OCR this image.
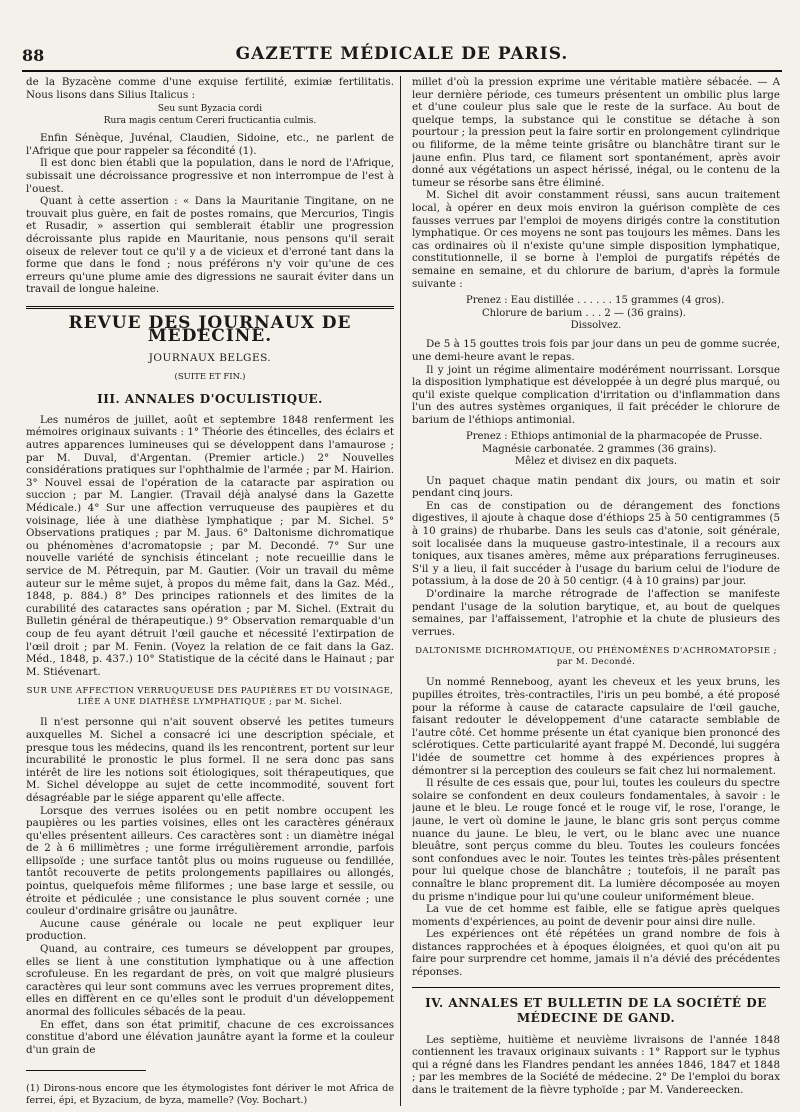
88	GAZETTE MÉDICALE DE PARIS.

de la Byzacène comme d'une exquise fertilité, eximiæ fertilitatis. Nous lisons dans Silius Italicus :

Seu sunt Byzacia cordi
Rura magis centum Cereri fructicantia culmis.

Enfin Sénèque, Juvénal, Claudien, Sidoine, etc., ne parlent de l'Afrique que pour rappeler sa fécondité (1).

Il est donc bien établi que la population, dans le nord de l'Afrique, subissait une décroissance progressive et non interrompue de l'est à l'ouest.

Quant à cette assertion : « Dans la Mauritanie Tingitane, on ne trouvait plus guère, en fait de postes romains, que Mercurios, Tingis et Rusadir, » assertion qui semblerait établir une progression décroissante plus rapide en Mauritanie, nous pensons qu'il serait oiseux de relever tout ce qu'il y a de vicieux et d'erroné tant dans la forme que dans le fond ; nous préférons n'y voir qu'une de ces erreurs qu'une plume amie des digressions ne saurait éviter dans un travail de longue haleine.

REVUE DES JOURNAUX DE MÉDECINE.
JOURNAUX BELGES.
(SUITE ET FIN.)
III. ANNALES D'OCULISTIQUE.

Les numéros de juillet, août et septembre 1848 renferment les mémoires originaux suivants : 1° Théorie des étincelles, des éclairs et autres apparences lumineuses qui se développent dans l'amaurose ; par M. Duval, d'Argentan. (Premier article.) 2° Nouvelles considérations pratiques sur l'ophthalmie de l'armée ; par M. Hairion. 3° Nouvel essai de l'opération de la cataracte par aspiration ou succion ; par M. Langier. (Travail déjà analysé dans la Gazette Médicale.) 4° Sur une affection verruqueuse des paupières et du voisinage, liée à une diathèse lymphatique ; par M. Sichel. 5° Observations pratiques ; par M. Jaus. 6° Daltonisme dichromatique ou phénomènes d'acromatopsie ; par M. Decondé. 7° Sur une nouvelle variété de synchisis étincelant ; note recueillie dans le service de M. Pétrequin, par M. Gautier. (Voir un travail du même auteur sur le même sujet, à propos du même fait, dans la Gaz. Méd., 1848, p. 884.) 8° Des principes rationnels et des limites de la curabilité des cataractes sans opération ; par M. Sichel. (Extrait du Bulletin général de thérapeutique.) 9° Observation remarquable d'un coup de feu ayant détruit l'œil gauche et nécessité l'extirpation de l'œil droit ; par M. Fenin. (Voyez la relation de ce fait dans la Gaz. Méd., 1848, p. 437.) 10° Statistique de la cécité dans le Hainaut ; par M. Stiévenart.

SUR UNE AFFECTION VERRUQUEUSE DES PAUPIÈRES ET DU VOISINAGE, LIÉE A UNE DIATHÈSE LYMPHATIQUE ; par M. Sichel.

Il n'est personne qui n'ait souvent observé les petites tumeurs auxquelles M. Sichel a consacré ici une description spéciale, et presque tous les médecins, quand ils les rencontrent, portent sur leur incurabilité le pronostic le plus formel. Il ne sera donc pas sans intérêt de lire les notions soit étiologiques, soit thérapeutiques, que M. Sichel développe au sujet de cette incommodité, souvent fort désagréable par le siége apparent qu'elle affecte.

Lorsque des verrues isolées ou en petit nombre occupent les paupières ou les parties voisines, elles ont les caractères généraux qu'elles présentent ailleurs. Ces caractères sont : un diamètre inégal de 2 à 6 millimètres ; une forme irrégulièrement arrondie, parfois ellipsoïde ; une surface tantôt plus ou moins rugueuse ou fendillée, tantôt recouverte de petits prolongements papillaires ou allongés, pointus, quelquefois même filiformes ; une base large et sessile, ou étroite et pédiculée ; une consistance le plus souvent cornée ; une couleur d'ordinaire grisâtre ou jaunâtre.

Aucune cause générale ou locale ne peut expliquer leur production.

Quand, au contraire, ces tumeurs se développent par groupes, elles se lient à une constitution lymphatique ou à une affection scrofuleuse. En les regardant de près, on voit que malgré plusieurs caractères qui leur sont communs avec les verrues proprement dites, elles en diffèrent en ce qu'elles sont le produit d'un développement anormal des follicules sébacés de la peau.

En effet, dans son état primitif, chacune de ces excroissances constitue d'abord une élévation jaunâtre ayant la forme et la couleur d'un grain de

(1) Dirons-nous encore que les étymologistes font dériver le mot Africa de ferrei, épi, et Byzacium, de byza, mamelle? (Voy. Bochart.)

millet d'où la pression exprime une véritable matière sébacée. — A leur dernière période, ces tumeurs présentent un ombilic plus large et d'une couleur plus sale que le reste de la surface. Au bout de quelque temps, la substance qui le constitue se détache à son pourtour ; la pression peut la faire sortir en prolongement cylindrique ou filiforme, de la même teinte grisâtre ou blanchâtre tirant sur le jaune enfin. Plus tard, ce filament sort spontanément, après avoir donné aux végétations un aspect hérissé, inégal, ou le contenu de la tumeur se résorbe sans être éliminé.

M. Sichel dit avoir constamment réussi, sans aucun traitement local, à opérer en deux mois environ la guérison complète de ces fausses verrues par l'emploi de moyens dirigés contre la constitution lymphatique. Or ces moyens ne sont pas toujours les mêmes. Dans les cas ordinaires où il n'existe qu'une simple disposition lymphatique, constitutionnelle, il se borne à l'emploi de purgatifs répétés de semaine en semaine, et du chlorure de barium, d'après la formule suivante :

Prenez : Eau distillée . . . . . . 15 grammes (4 gros).
Chlorure de barium . . . 2 — (36 grains).
Dissolvez.

De 5 à 15 gouttes trois fois par jour dans un peu de gomme sucrée, une demi-heure avant le repas.

Il y joint un régime alimentaire modérément nourrissant. Lorsque la disposition lymphatique est développée à un degré plus marqué, ou qu'il existe quelque complication d'irritation ou d'inflammation dans l'un des autres systèmes organiques, il fait précéder le chlorure de barium de l'éthiops antimonial.

Prenez : Ethiops antimonial de la pharmacopée de Prusse.
Magnésie carbonatée. 2 grammes (36 grains).
Mêlez et divisez en dix paquets.

Un paquet chaque matin pendant dix jours, ou matin et soir pendant cinq jours.

En cas de constipation ou de dérangement des fonctions digestives, il ajoute à chaque dose d'éthiops 25 à 50 centigrammes (5 à 10 grains) de rhubarbe. Dans les seuls cas d'atonie, soit générale, soit localisée dans la muqueuse gastro-intestinale, il a recours aux toniques, aux tisanes amères, même aux préparations ferrugineuses. S'il y a lieu, il fait succéder à l'usage du barium celui de l'iodure de potassium, à la dose de 20 à 50 centigr. (4 à 10 grains) par jour.

D'ordinaire la marche rétrograde de l'affection se manifeste pendant l'usage de la solution barytique, et, au bout de quelques semaines, par l'affaissement, l'atrophie et la chute de plusieurs des verrues.

DALTONISME DICHROMATIQUE, OU PHÉNOMÈNES D'ACHROMATOPSIE ; par M. Decondé.

Un nommé Renneboog, ayant les cheveux et les yeux bruns, les pupilles étroites, très-contractiles, l'iris un peu bombé, a été proposé pour la réforme à cause de cataracte capsulaire de l'œil gauche, faisant redouter le développement d'une cataracte semblable de l'autre côté. Cet homme présente un état cyanique bien prononcé des sclérotiques. Cette particularité ayant frappé M. Decondé, lui suggéra l'idée de soumettre cet homme à des expériences propres à démontrer si la perception des couleurs se fait chez lui normalement.

Il résulte de ces essais que, pour lui, toutes les couleurs du spectre solaire se confondent en deux couleurs fondamentales, à savoir : le jaune et le bleu. Le rouge foncé et le rouge vif, le rose, l'orange, le jaune, le vert où domine le jaune, le blanc gris sont perçus comme nuance du jaune. Le bleu, le vert, ou le blanc avec une nuance bleuâtre, sont perçus comme du bleu. Toutes les couleurs foncées sont confondues avec le noir. Toutes les teintes très-pâles présentent pour lui quelque chose de blanchâtre ; toutefois, il ne paraît pas connaître le blanc proprement dit. La lumière décomposée au moyen du prisme n'indique pour lui qu'une couleur uniformément bleue.

La vue de cet homme est faible, elle se fatigue après quelques moments d'expériences, au point de devenir pour ainsi dire nulle.

Les expériences ont été répétées un grand nombre de fois à distances rapprochées et à époques éloignées, et quoi qu'on ait pu faire pour surprendre cet homme, jamais il n'a dévié des précédentes réponses.

IV. ANNALES ET BULLETIN DE LA SOCIÉTÉ DE
MÉDECINE DE GAND.

Les septième, huitième et neuvième livraisons de l'année 1848 contiennent les travaux originaux suivants : 1° Rapport sur le typhus qui a régné dans les Flandres pendant les années 1846, 1847 et 1848 ; par les membres de la Société de médecine. 2° De l'emploi du borax dans le traitement de la fièvre typhoïde ; par M. Vandereecken.
